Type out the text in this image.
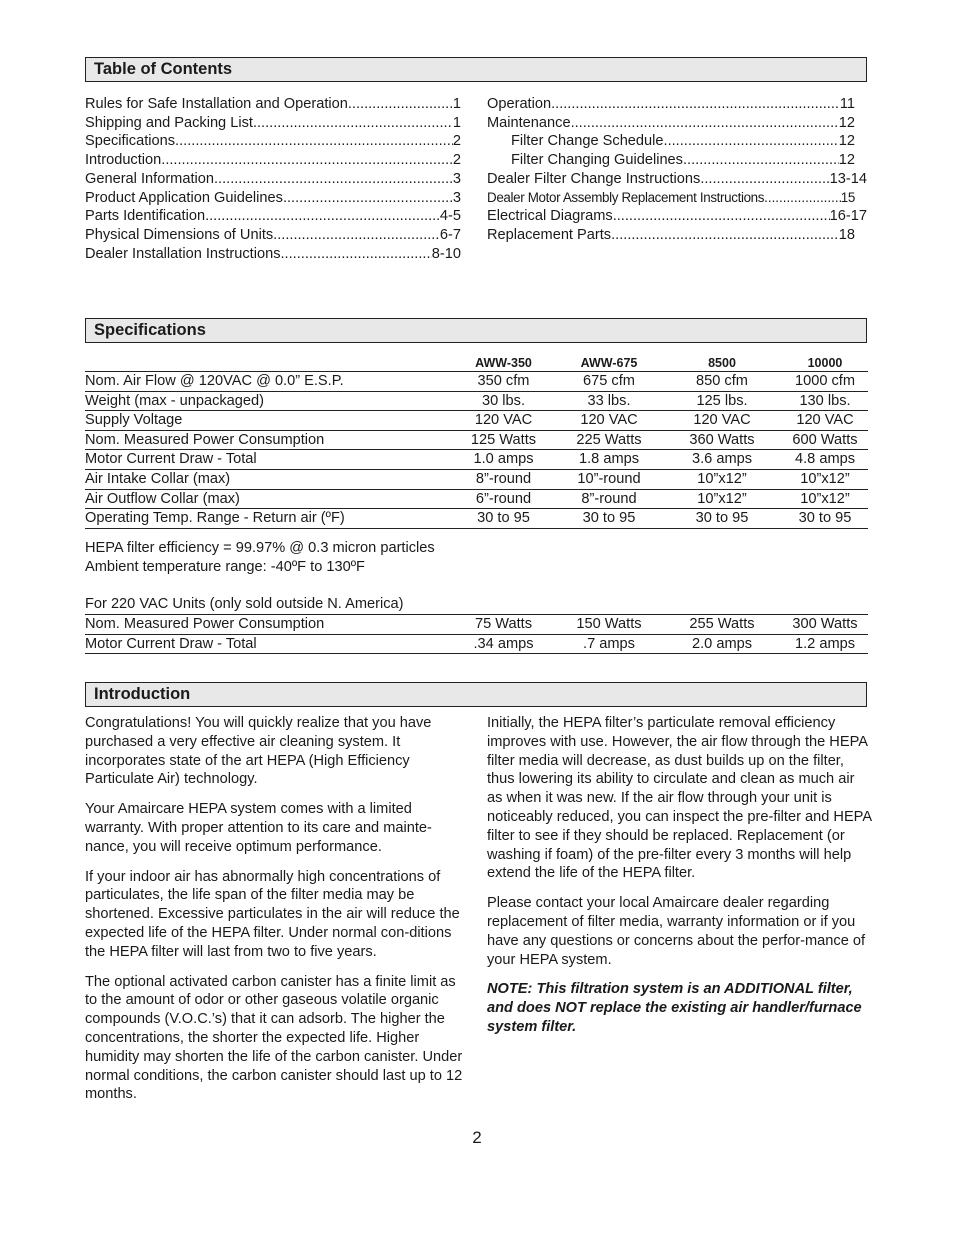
Table of Contents
Rules for Safe Installation and Operation .....	1
Shipping and Packing List .....	1
Specifications .....	2
Introduction .....	2
General Information .....	3
Product Application Guidelines .....	3
Parts Identification .....	4-5
Physical Dimensions of Units .....	6-7
Dealer Installation Instructions .....	8-10
Operation .....	11
Maintenance .....	12
Filter Change Schedule .....	12
Filter Changing Guidelines .....	12
Dealer Filter Change Instructions .....	13-14
Dealer Motor Assembly Replacement Instructions .....	15
Electrical Diagrams .....	16-17
Replacement Parts .....	18
Specifications
	AWW-350	AWW-675	8500	10000
Nom. Air Flow @ 120VAC @ 0.0” E.S.P.	350 cfm	675 cfm	850 cfm	1000 cfm
Weight (max - unpackaged)	30 lbs.	33 lbs.	125 lbs.	130 lbs.
Supply Voltage	120 VAC	120 VAC	120 VAC	120 VAC
Nom. Measured Power Consumption	125 Watts	225 Watts	360 Watts	600 Watts
Motor Current Draw - Total	1.0 amps	1.8 amps	3.6 amps	4.8 amps
Air Intake Collar (max)	8”-round	10”-round	10”x12”	10”x12”
Air Outflow Collar (max)	6”-round	8”-round	10”x12”	10”x12”
Operating Temp. Range - Return air (ºF)	30 to 95	30 to 95	30 to 95	30 to 95
HEPA filter efficiency = 99.97% @ 0.3 micron particles
Ambient temperature range: -40ºF to 130ºF
For 220 VAC Units (only sold outside N. America)
Nom. Measured Power Consumption	75 Watts	150 Watts	255 Watts	300 Watts
Motor Current Draw - Total	.34 amps	.7 amps	2.0 amps	1.2 amps
Introduction

Congratulations! You will quickly realize that you have purchased a very effective air cleaning system. It incorporates state of the art HEPA (High Efficiency Particulate Air) technology.

Your Amaircare HEPA system comes with a limited warranty. With proper attention to its care and mainte-nance, you will receive optimum performance.

If your indoor air has abnormally high concentrations of particulates, the life span of the filter media may be shortened. Excessive particulates in the air will reduce the expected life of the HEPA filter. Under normal con-ditions the HEPA filter will last from two to five years.

The optional activated carbon canister has a finite limit as to the amount of odor or other gaseous volatile organic compounds (V.O.C.’s) that it can adsorb. The higher the concentrations, the shorter the expected life. Higher humidity may shorten the life of the carbon canister. Under normal conditions, the carbon canister should last up to 12 months.

Initially, the HEPA filter’s particulate removal efficiency improves with use. However, the air flow through the HEPA filter media will decrease, as dust builds up on the filter, thus lowering its ability to circulate and clean as much air as when it was new. If the air flow through your unit is noticeably reduced, you can inspect the pre-filter and HEPA filter to see if they should be replaced. Replacement (or washing if foam) of the pre-filter every 3 months will help extend the life of the HEPA filter.

Please contact your local Amaircare dealer regarding replacement of filter media, warranty information or if you have any questions or concerns about the perfor-mance of your HEPA system.

NOTE: This filtration system is an ADDITIONAL filter, and does NOT replace the existing air handler/furnace system filter.

2
